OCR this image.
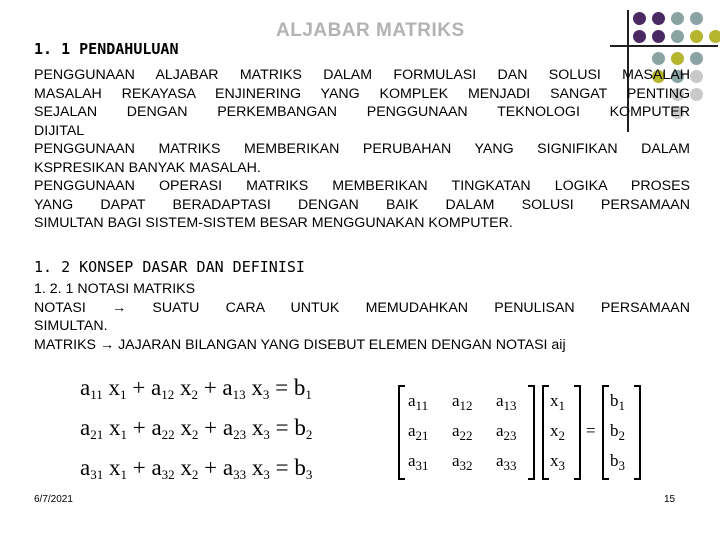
ALJABAR MATRIKS
1. 1 PENDAHULUAN
PENGGUNAAN ALJABAR MATRIKS DALAM FORMULASI DAN SOLUSI MASALAH
MASALAH REKAYASA ENJINERING YANG KOMPLEK MENJADI SANGAT PENTING
SEJALAN DENGAN PERKEMBANGAN PENGGUNAAN TEKNOLOGI KOMPUTER
DIJITAL
PENGGUNAAN MATRIKS MEMBERIKAN PERUBAHAN YANG SIGNIFIKAN DALAM
KSPRESIKAN BANYAK MASALAH.
PENGGUNAAN OPERASI MATRIKS MEMBERIKAN TINGKATAN LOGIKA PROSES
YANG DAPAT BERADAPTASI DENGAN BAIK DALAM SOLUSI PERSAMAAN
SIMULTAN BAGI SISTEM-SISTEM BESAR MENGGUNAKAN KOMPUTER.
1. 2 KONSEP DASAR DAN DEFINISI
1. 2. 1 NOTASI MATRIKS
NOTASI → SUATU CARA UNTUK MEMUDAHKAN PENULISAN PERSAMAAN
SIMULTAN.
MATRIKS → JAJARAN BILANGAN YANG DISEBUT ELEMEN DENGAN NOTASI aij
$a_{11}$ $x_1 + a_{12}$ $x_2 + a_{13}$ $x_3 = b_1$
$a_{21}$ $x_1 + a_{22}$ $x_2 + a_{23}$ $x_3 = b_2$
$a_{31}$ $x_1 + a_{32}$ $x_2 + a_{33}$ $x_3 = b_3$
$a_{11}$ $a_{12}$ $a_{13}$
$a_{21}$ $a_{22}$ $a_{23}$
$a_{31}$ $a_{32}$ $a_{33}$
$x_1$
$x_2$
$x_3$
=
$b_1$
$b_2$
$b_3$
6/7/2021	15
